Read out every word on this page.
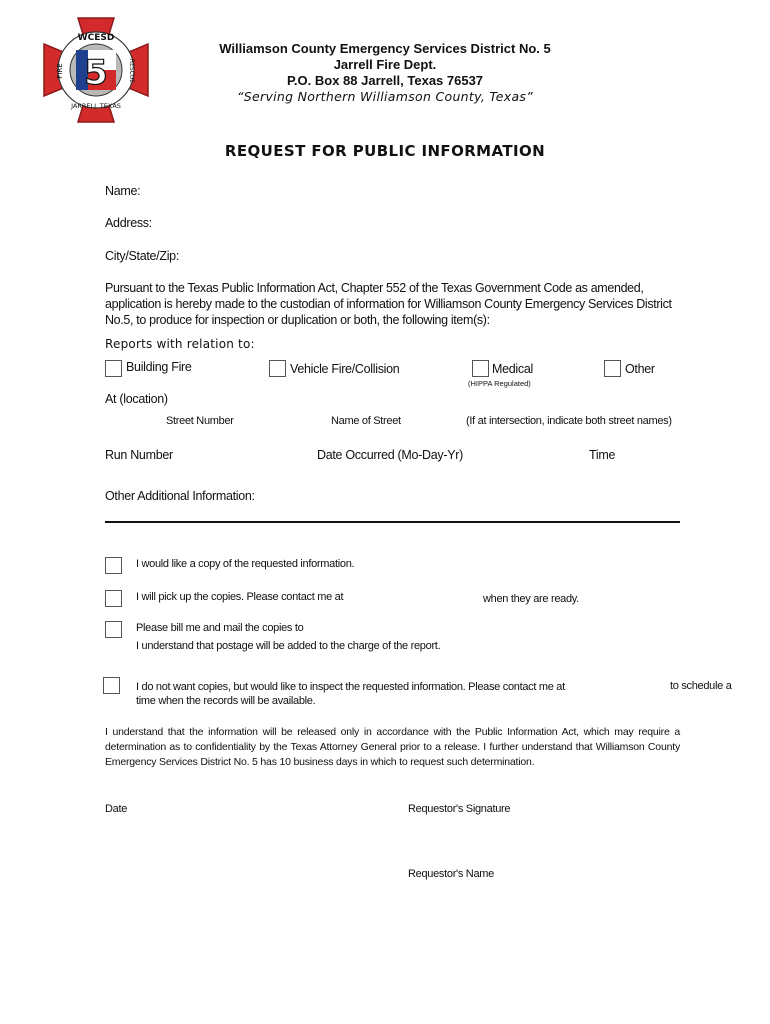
5
WCESD
JARRELL TEXAS
FIRE	RESCUE
Williamson County Emergency Services District No. 5
Jarrell Fire Dept.
P.O. Box 88 Jarrell, Texas 76537
“Serving Northern Williamson County, Texas”
REQUEST FOR PUBLIC INFORMATION
Name:
Address:
City/State/Zip:
Pursuant to the Texas Public Information Act, Chapter 552 of the Texas Government Code as amended, application is hereby made to the custodian of information for Williamson County Emergency Services District No.5, to produce for inspection or duplication or both, the following item(s):
Reports with relation to:
Building Fire	Vehicle Fire/Collision	Medical
(HIPPA Regulated)
Other
At (location)
Street Number	Name of Street	(If at intersection, indicate both street names)
Run Number	Date Occurred (Mo-Day-Yr)	Time
Other Additional Information:
I would like a copy of the requested information.
I will pick up the copies. Please contact me at	when they are ready.
Please bill me and mail the copies to
I understand that postage will be added to the charge of the report.
I do not want copies, but would like to inspect the requested information. Please contact me at	to schedule a
time when the records will be available.
I understand that the information will be released only in accordance with the Public Information Act, which may require a determination as to confidentiality by the Texas Attorney General prior to a release. I further understand that Williamson County Emergency Services District No. 5 has 10 business days in which to request such determination.
Date	Requestor's Signature
Requestor's Name
